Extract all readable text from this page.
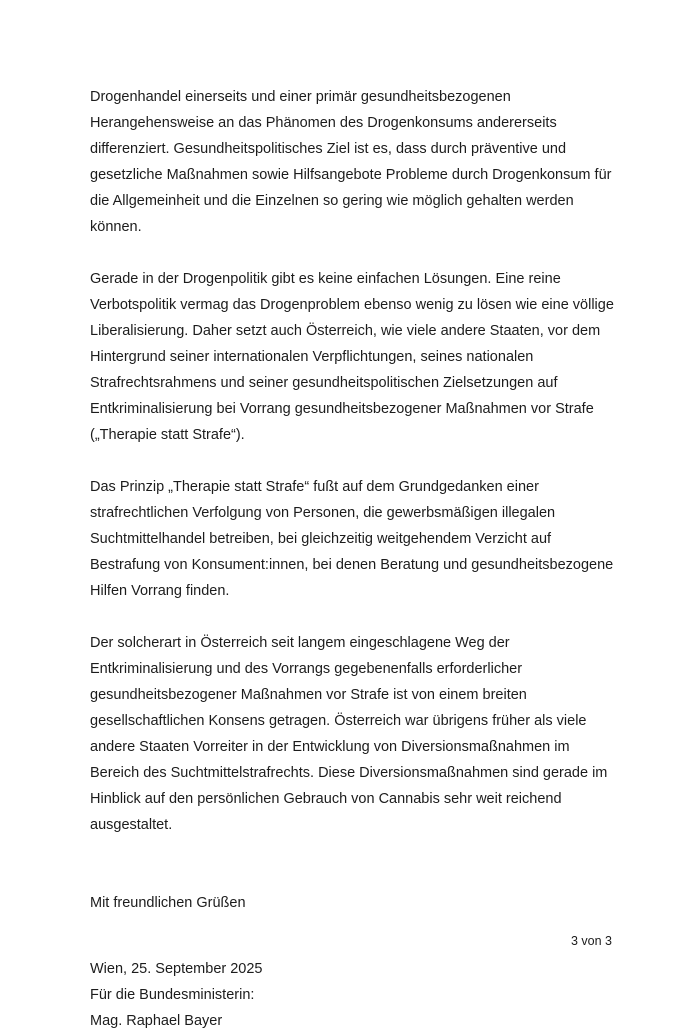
Drogenhandel einerseits und einer primär gesundheitsbezogenen Herangehensweise an das Phänomen des Drogenkonsums andererseits differenziert. Gesundheitspolitisches Ziel ist es, dass durch präventive und gesetzliche Maßnahmen sowie Hilfsangebote Probleme durch Drogenkonsum für die Allgemeinheit und die Einzelnen so gering wie möglich gehalten werden können.

Gerade in der Drogenpolitik gibt es keine einfachen Lösungen. Eine reine Verbotspolitik vermag das Drogenproblem ebenso wenig zu lösen wie eine völlige Liberalisierung. Daher setzt auch Österreich, wie viele andere Staaten, vor dem Hintergrund seiner internationalen Verpflichtungen, seines nationalen Strafrechtsrahmens und seiner gesundheitspolitischen Zielsetzungen auf Entkriminalisierung bei Vorrang gesundheitsbezogener Maßnahmen vor Strafe („Therapie statt Strafe“).

Das Prinzip „Therapie statt Strafe“ fußt auf dem Grundgedanken einer strafrechtlichen Verfolgung von Personen, die gewerbsmäßigen illegalen Suchtmittelhandel betreiben, bei gleichzeitig weitgehendem Verzicht auf Bestrafung von Konsument:innen, bei denen Beratung und gesundheitsbezogene Hilfen Vorrang finden.

Der solcherart in Österreich seit langem eingeschlagene Weg der Entkriminalisierung und des Vorrangs gegebenenfalls erforderlicher gesundheitsbezogener Maßnahmen vor Strafe ist von einem breiten gesellschaftlichen Konsens getragen. Österreich war übrigens früher als viele andere Staaten Vorreiter in der Entwicklung von Diversionsmaßnahmen im Bereich des Suchtmittelstrafrechts. Diese Diversionsmaßnahmen sind gerade im Hinblick auf den persönlichen Gebrauch von Cannabis sehr weit reichend ausgestaltet.

Mit freundlichen Grüßen

Wien, 25. September 2025

Für die Bundesministerin:

Mag. Raphael Bayer

3 von 3
